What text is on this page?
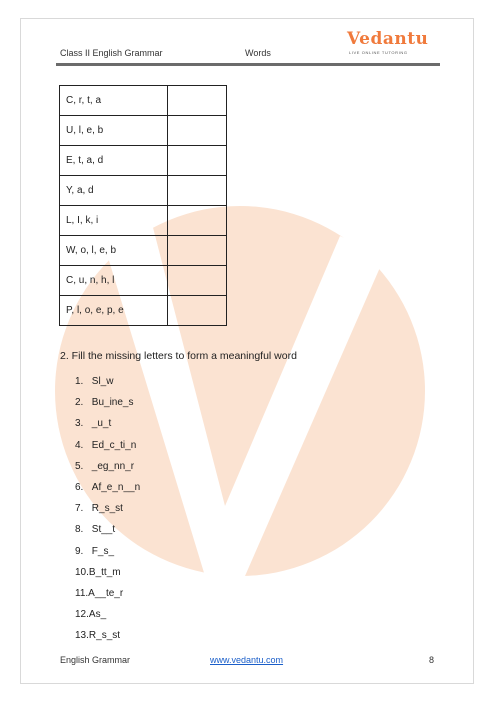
Class II English Grammar	Words
Vedantu
LIVE ONLINE TUTORING
C, r, t, a	
U, l, e, b	
E, t, a, d	
Y, a, d	
L, I, k, i	
W, o, l, e, b	
C, u, n, h, l	
P, l, o, e, p, e	
2. Fill the missing letters to form a meaningful word
1.
Sl_w
2.
Bu_ine_s
3.
_u_t
4.
Ed_c_ti_n
5.
_eg_nn_r
6.
Af_e_n__n
7.
R_s_st
8.
St__t
9.
F_s_
10. B_tt_m
11. A__te_r
12. As_
13. R_s_st
English Grammar	www.vedantu.com	8
